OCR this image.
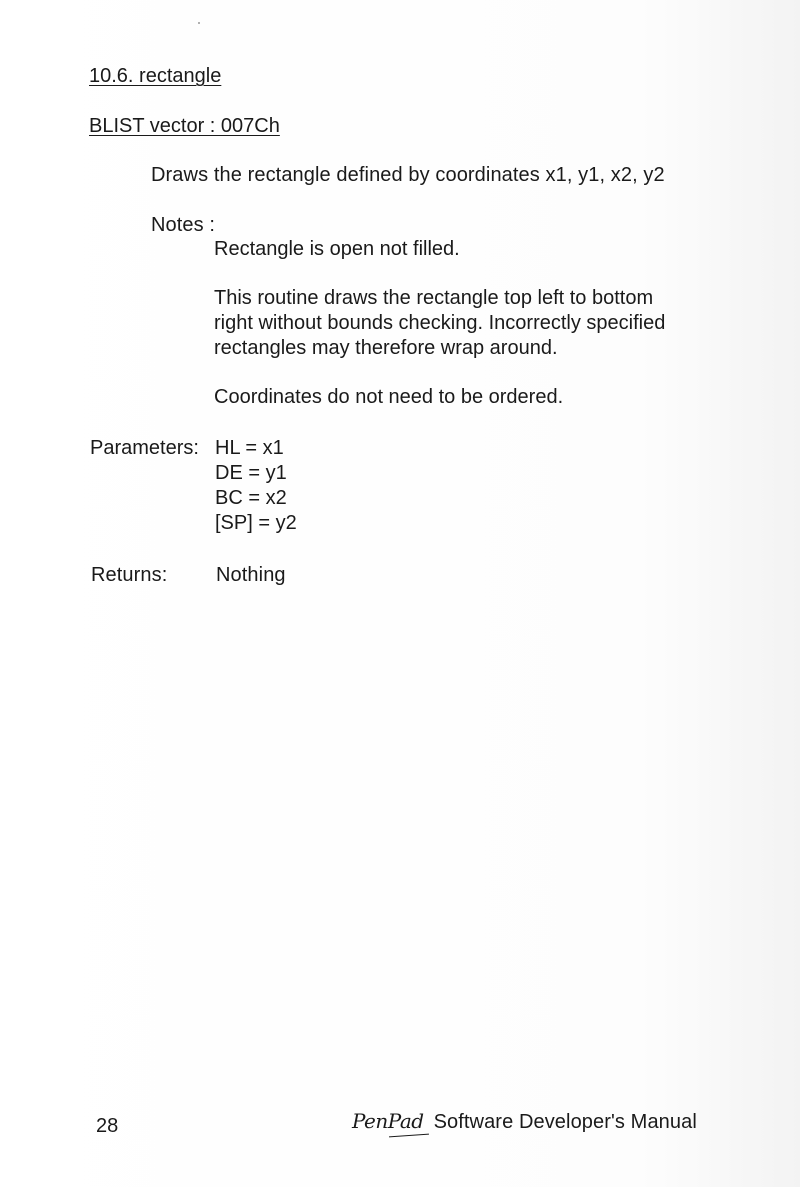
10.6. rectangle
BLIST vector : 007Ch
Draws the rectangle defined by coordinates x1, y1, x2, y2
Notes :
Rectangle is open not filled.
This routine draws the rectangle top left to bottom
right without bounds checking. Incorrectly specified
rectangles may therefore wrap around.
Coordinates do not need to be ordered.
Parameters: HL = x1
DE = y1
BC = x2
[SP] = y2
Returns: Nothing
28	PenPad Software Developer's Manual
